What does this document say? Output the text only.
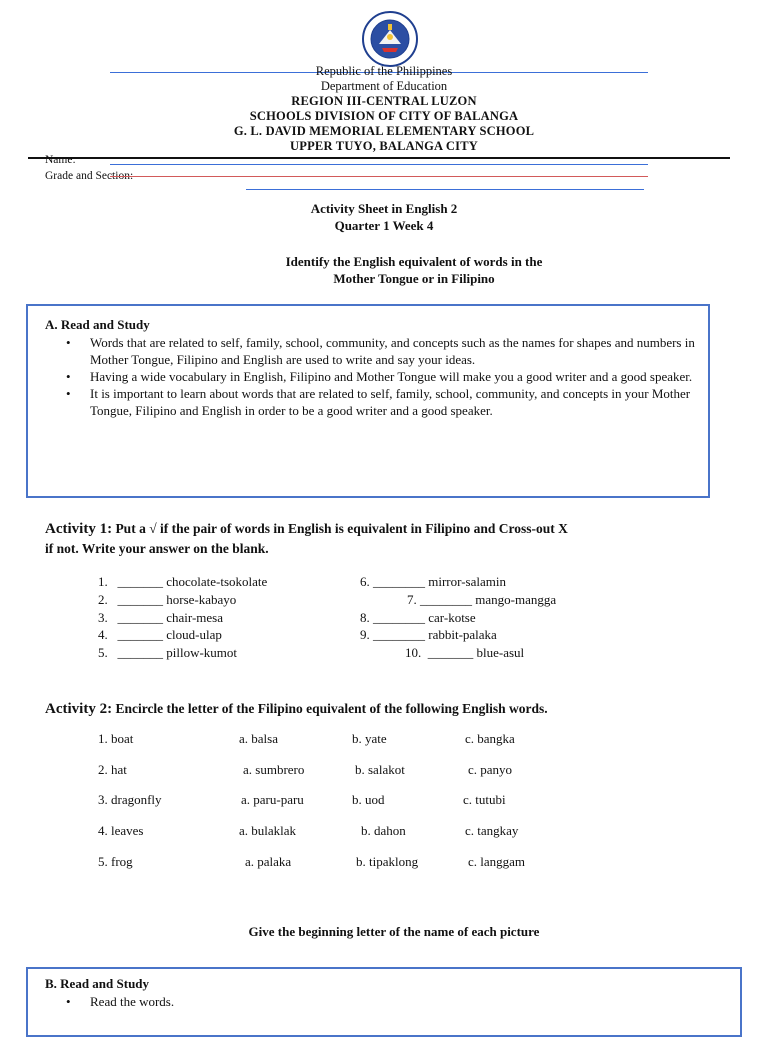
Republic of the Philippines
Department of Education
REGION III-CENTRAL LUZON
SCHOOLS DIVISION OF CITY OF BALANGA
G. L. DAVID MEMORIAL ELEMENTARY SCHOOL
UPPER TUYO, BALANGA CITY
Name:
Grade and Section:
Activity Sheet in English 2
Quarter 1 Week 4
Identify the English equivalent of words in the
Mother Tongue or in Filipino
A. Read and Study
• Words that are related to self, family, school, community, and concepts such as the names for shapes and numbers in Mother Tongue, Filipino and English are used to write and say your ideas.
• Having a wide vocabulary in English, Filipino and Mother Tongue will make you a good writer and a good speaker.
• It is important to learn about words that are related to self, family, school, community, and concepts in your Mother Tongue, Filipino and English in order to be a good writer and a good speaker.
Activity 1: Put a √ if the pair of words in English is equivalent in Filipino and Cross-out X
if not. Write your answer on the blank.
1. _______ chocolate-tsokolate
2. _______ horse-kabayo
3. _______ chair-mesa
4. _______ cloud-ulap
5. _______ pillow-kumot
6. ________ mirror-salamin
7. ________ mango-mangga
8. ________ car-kotse
9. ________ rabbit-palaka
10. _______ blue-asul
Activity 2: Encircle the letter of the Filipino equivalent of the following English words.
1. boat	a. balsa	b. yate	c. bangka
2. hat	a. sumbrero	b. salakot	c. panyo
3. dragonfly	a. paru-paru	b. uod	c. tutubi
4. leaves	a. bulaklak	b. dahon	c. tangkay
5. frog	a. palaka	b. tipaklong	c. langgam
Give the beginning letter of the name of each picture
B. Read and Study
• Read the words.
